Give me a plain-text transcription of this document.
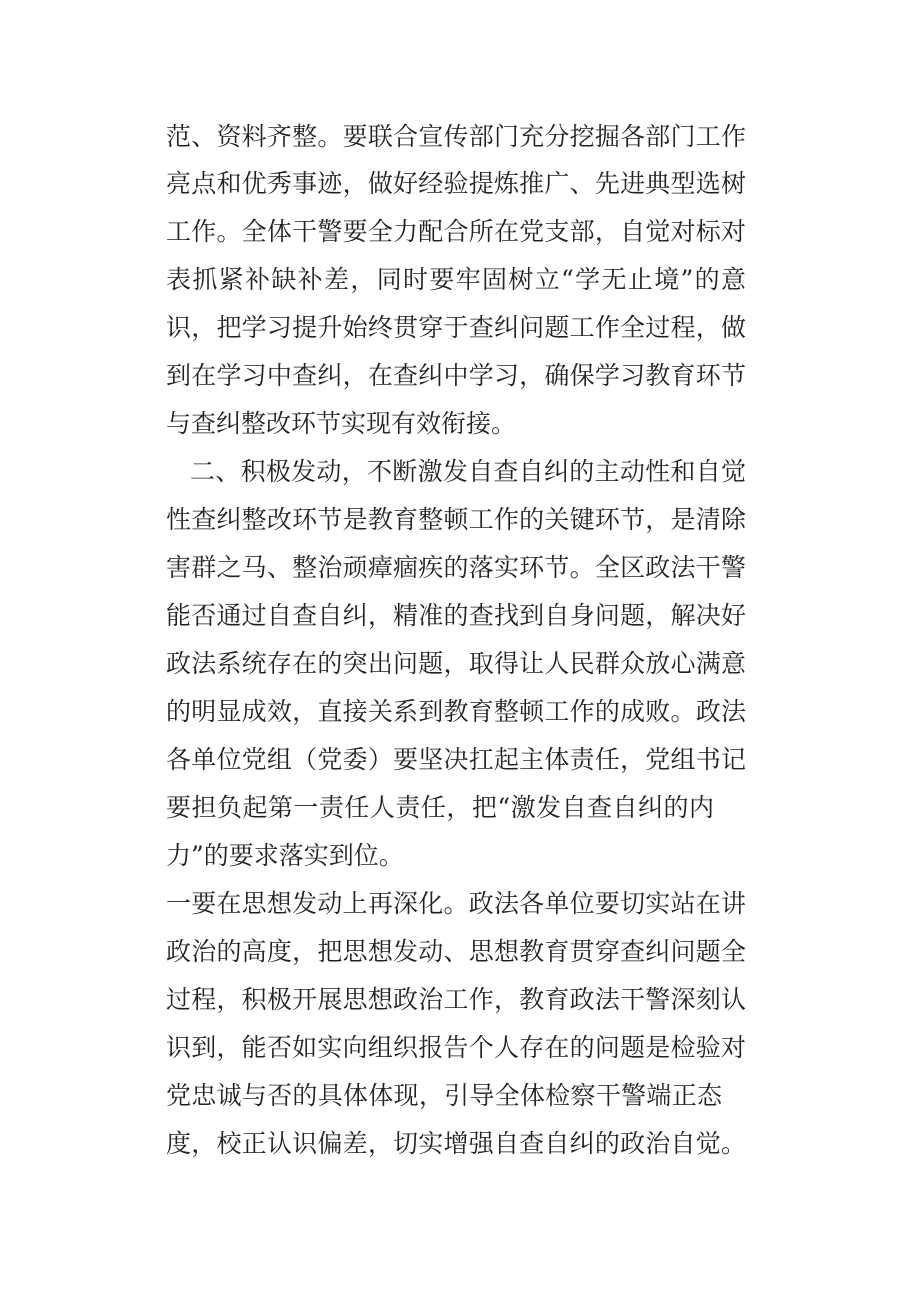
范、资料齐整。要联合宣传部门充分挖掘各部门工作
亮点和优秀事迹，做好经验提炼推广、先进典型选树
工作。全体干警要全力配合所在党支部，自觉对标对
表抓紧补缺补差，同时要牢固树立“学无止境”的意
识，把学习提升始终贯穿于查纠问题工作全过程，做
到在学习中查纠，在查纠中学习，确保学习教育环节
与查纠整改环节实现有效衔接。
二、积极发动，不断激发自查自纠的主动性和自觉
性查纠整改环节是教育整顿工作的关键环节，是清除
害群之马、整治顽瘴痼疾的落实环节。全区政法干警
能否通过自查自纠，精准的查找到自身问题，解决好
政法系统存在的突出问题，取得让人民群众放心满意
的明显成效，直接关系到教育整顿工作的成败。政法
各单位党组（党委）要坚决扛起主体责任，党组书记
要担负起第一责任人责任，把“激发自查自纠的内
力”的要求落实到位。
一要在思想发动上再深化。政法各单位要切实站在讲
政治的高度，把思想发动、思想教育贯穿查纠问题全
过程，积极开展思想政治工作，教育政法干警深刻认
识到，能否如实向组织报告个人存在的问题是检验对
党忠诚与否的具体体现，引导全体检察干警端正态
度，校正认识偏差，切实增强自查自纠的政治自觉。
